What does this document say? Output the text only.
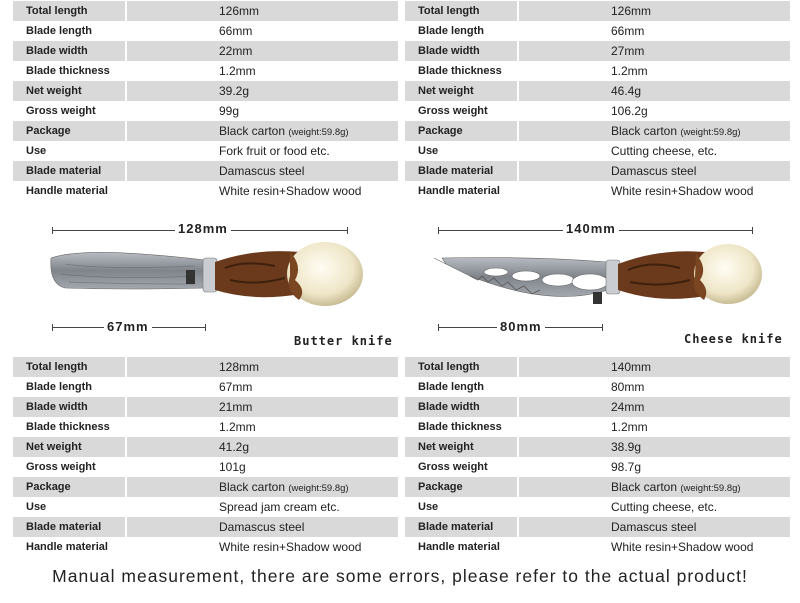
Total length	126mm
Blade length	66mm
Blade width	22mm
Blade thickness	1.2mm
Net weight	39.2g
Gross weight	99g
Package	Black carton (weight:59.8g)
Use	Fork fruit or food etc.
Blade material	Damascus steel
Handle material	White resin+Shadow wood
Total length	126mm
Blade length	66mm
Blade width	27mm
Blade thickness	1.2mm
Net weight	46.4g
Gross weight	106.2g
Package	Black carton (weight:59.8g)
Use	Cutting cheese, etc.
Blade material	Damascus steel
Handle material	White resin+Shadow wood
Total length	128mm
Blade length	67mm
Blade width	21mm
Blade thickness	1.2mm
Net weight	41.2g
Gross weight	101g
Package	Black carton (weight:59.8g)
Use	Spread jam cream etc.
Blade material	Damascus steel
Handle material	White resin+Shadow wood
Total length	140mm
Blade length	80mm
Blade width	24mm
Blade thickness	1.2mm
Net weight	38.9g
Gross weight	98.7g
Package	Black carton (weight:59.8g)
Use	Cutting cheese, etc.
Blade material	Damascus steel
Handle material	White resin+Shadow wood
128mm
67mm
Butter knife
140mm
80mm
Cheese knife
Manual measurement, there are some errors, please refer to the actual product!
